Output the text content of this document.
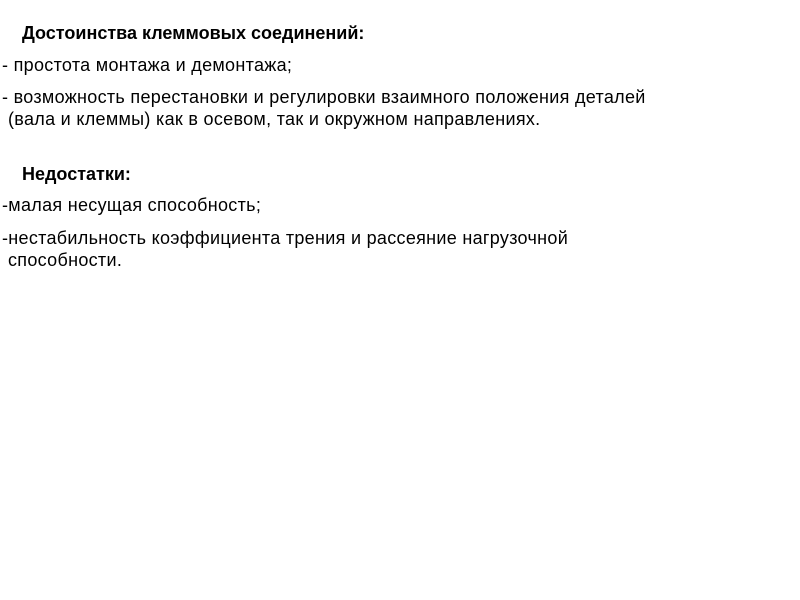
Достоинства клеммовых соединений:
- простота монтажа и демонтажа;
- возможность перестановки и регулировки взаимного положения деталей
(вала и клеммы) как в осевом, так и окружном направлениях.
Недостатки:
-малая несущая способность;
-нестабильность коэффициента трения и рассеяние нагрузочной
способности.
